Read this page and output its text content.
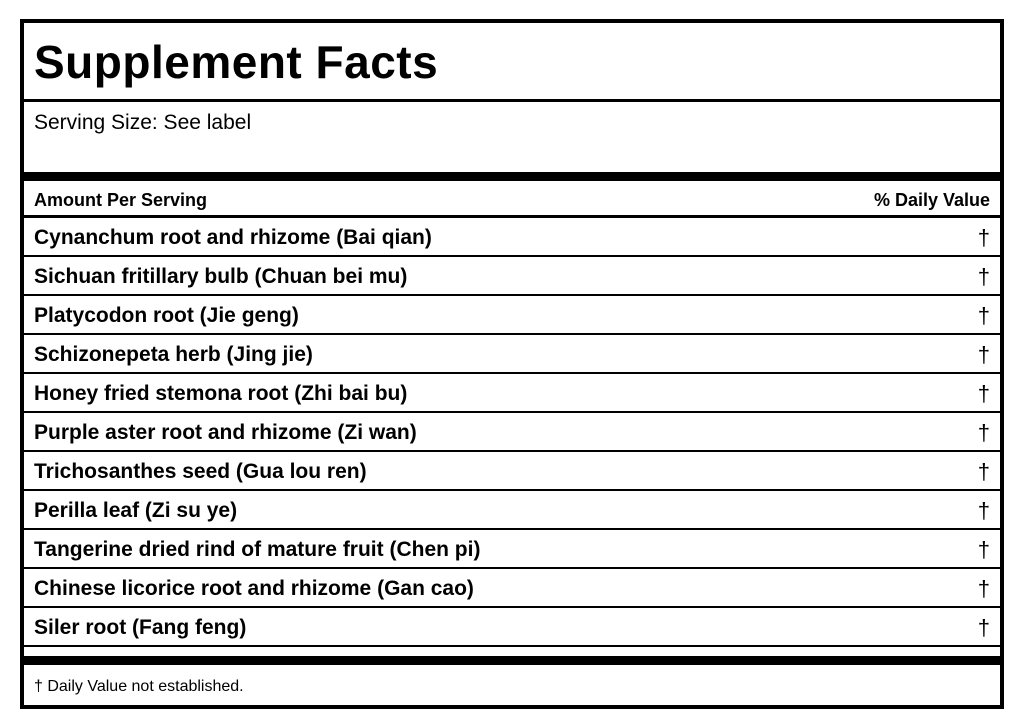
Supplement Facts
Serving Size: See label
Amount Per Serving	% Daily Value
Cynanchum root and rhizome (Bai qian)	†
Sichuan fritillary bulb (Chuan bei mu)	†
Platycodon root (Jie geng)	†
Schizonepeta herb (Jing jie)	†
Honey fried stemona root (Zhi bai bu)	†
Purple aster root and rhizome (Zi wan)	†
Trichosanthes seed (Gua lou ren)	†
Perilla leaf (Zi su ye)	†
Tangerine dried rind of mature fruit (Chen pi)	†
Chinese licorice root and rhizome (Gan cao)	†
Siler root (Fang feng)	†
† Daily Value not established.
